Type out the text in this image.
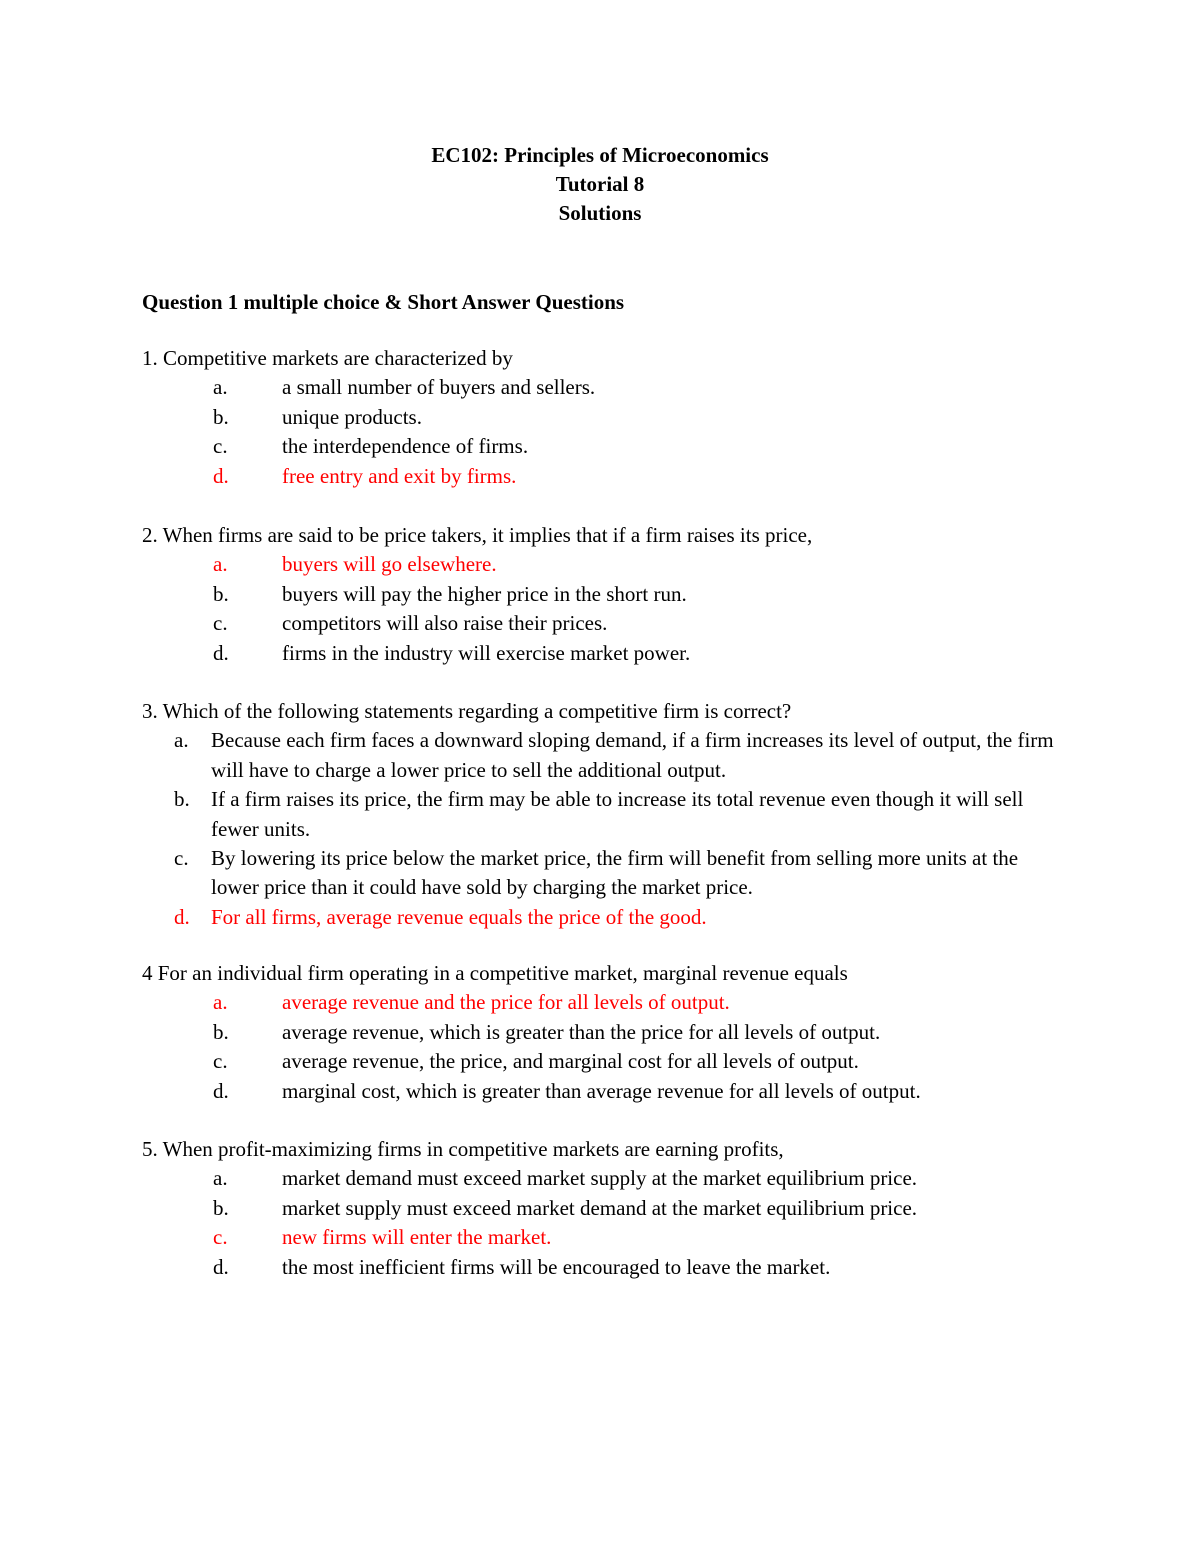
EC102: Principles of Microeconomics
Tutorial 8
Solutions
Question 1 multiple choice & Short Answer Questions
1. Competitive markets are characterized by
a.	a small number of buyers and sellers.
b.	unique products.
c.	the interdependence of firms.
d.	free entry and exit by firms.
2. When firms are said to be price takers, it implies that if a firm raises its price,
a.	buyers will go elsewhere.
b.	buyers will pay the higher price in the short run.
c.	competitors will also raise their prices.
d.	firms in the industry will exercise market power.
3. Which of the following statements regarding a competitive firm is correct?
a. Because each firm faces a downward sloping demand, if a firm increases its level of output, the firm will have to charge a lower price to sell the additional output.
b. If a firm raises its price, the firm may be able to increase its total revenue even though it will sell fewer units.
c. By lowering its price below the market price, the firm will benefit from selling more units at the lower price than it could have sold by charging the market price.
d. For all firms, average revenue equals the price of the good.
4 For an individual firm operating in a competitive market, marginal revenue equals
a.	average revenue and the price for all levels of output.
b.	average revenue, which is greater than the price for all levels of output.
c.	average revenue, the price, and marginal cost for all levels of output.
d.	marginal cost, which is greater than average revenue for all levels of output.
5. When profit-maximizing firms in competitive markets are earning profits,
a.	market demand must exceed market supply at the market equilibrium price.
b.	market supply must exceed market demand at the market equilibrium price.
c.	new firms will enter the market.
d.	the most inefficient firms will be encouraged to leave the market.
